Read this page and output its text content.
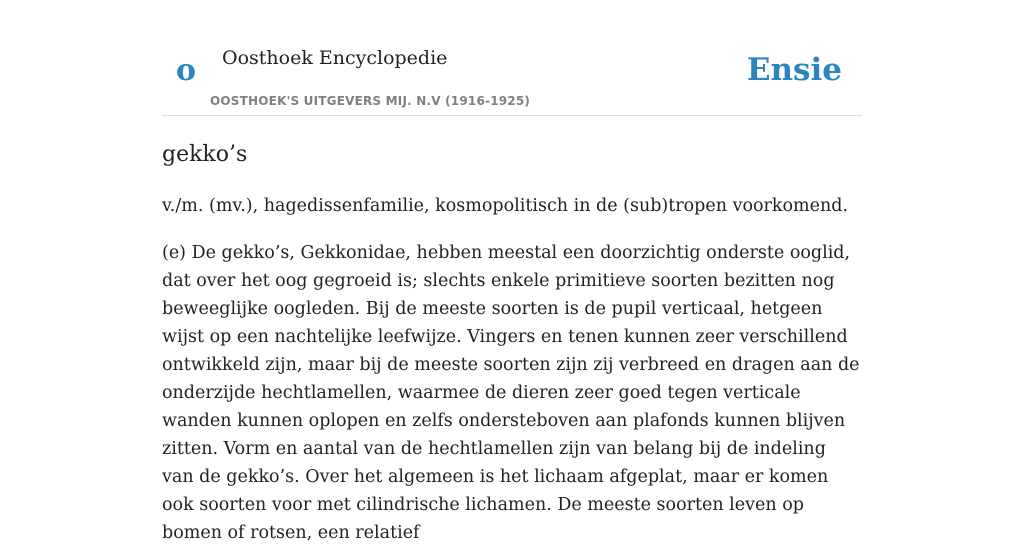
o Oosthoek Encyclopedie
OOSTHOEK'S UITGEVERS MIJ. N.V (1916-1925)
Ensie
gekko’s

v./m. (mv.), hagedissenfamilie, kosmopolitisch in de (sub)tropen voorkomend.

(e) De gekko’s, Gekkonidae, hebben meestal een doorzichtig onderste ooglid, dat over het oog gegroeid is; slechts enkele primitieve soorten bezitten nog beweeglijke oogleden. Bij de meeste soorten is de pupil verticaal, hetgeen wijst op een nachtelijke leefwijze. Vingers en tenen kunnen zeer verschillend ontwikkeld zijn, maar bij de meeste soorten zijn zij verbreed en dragen aan de onderzijde hechtlamellen, waarmee de dieren zeer goed tegen verticale wanden kunnen oplopen en zelfs ondersteboven aan plafonds kunnen blijven zitten. Vorm en aantal van de hechtlamellen zijn van belang bij de indeling van de gekko’s. Over het algemeen is het lichaam afgeplat, maar er komen ook soorten voor met cilindrische lichamen. De meeste soorten leven op bomen of rotsen, een relatief
